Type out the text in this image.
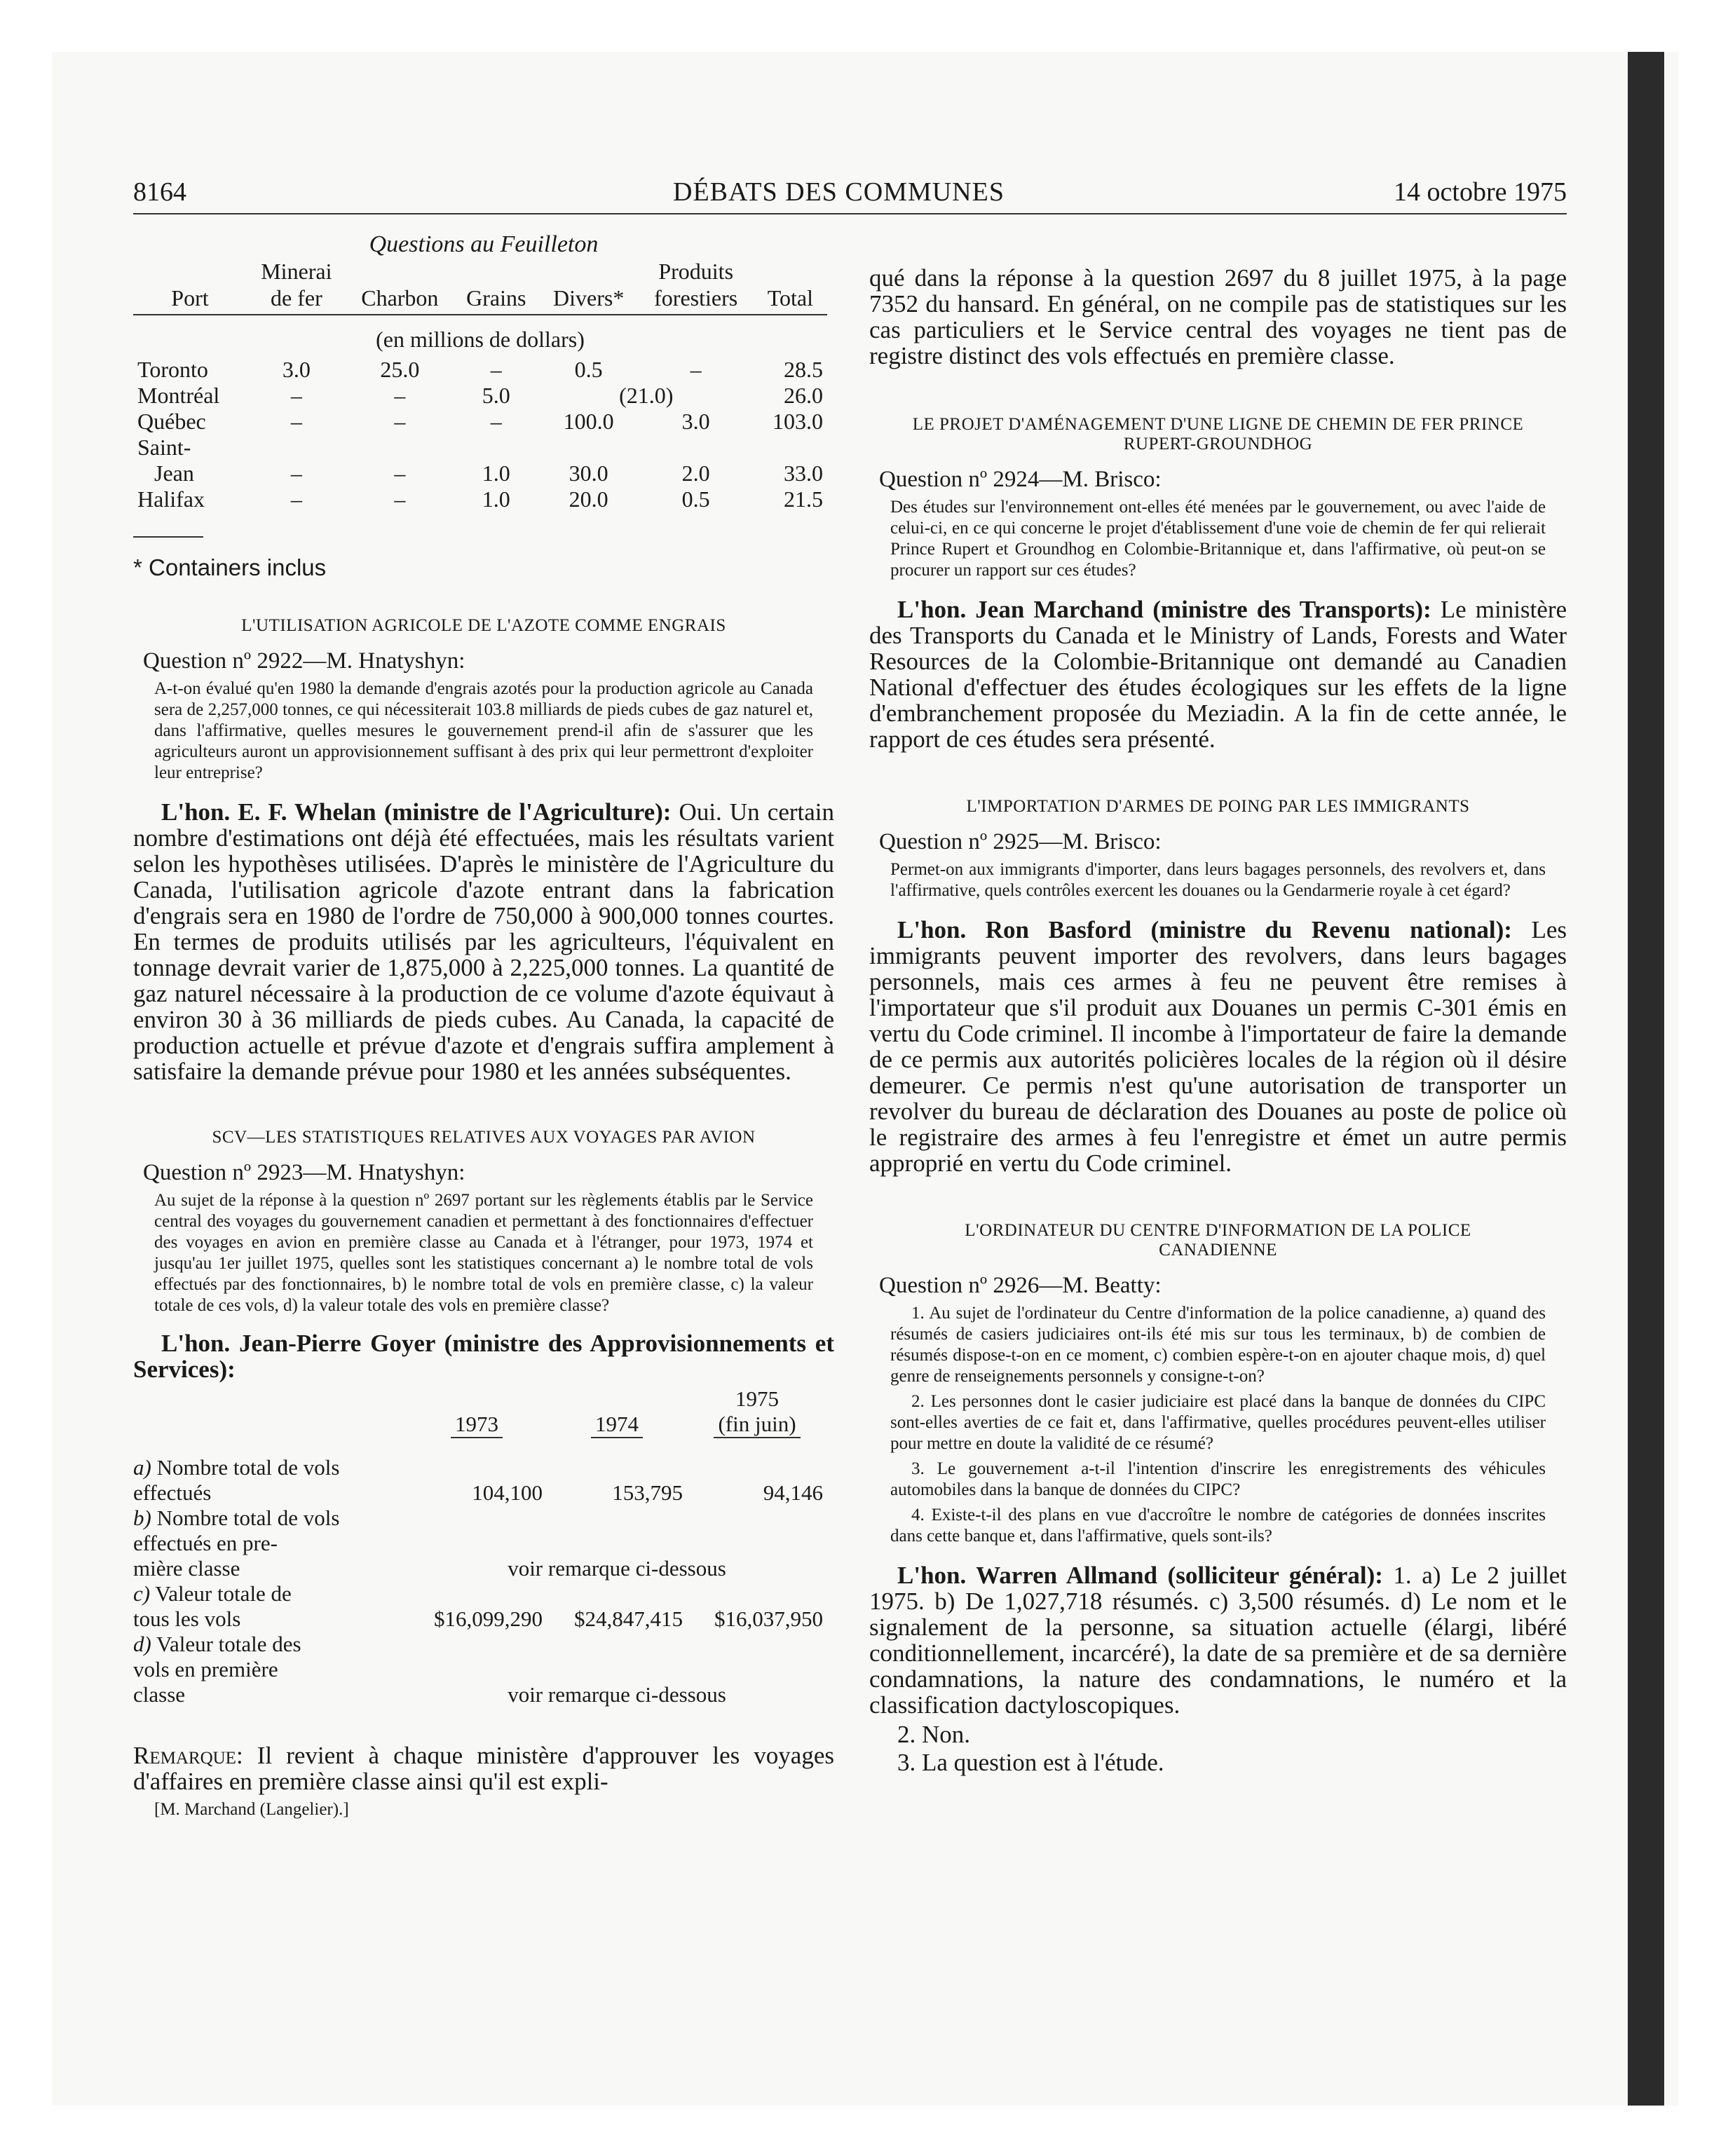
8164	DÉBATS DES COMMUNES	14 octobre 1975
Questions au Feuilleton
	Minerai				Produits	
Port	de fer	Charbon	Grains	Divers*	forestiers	Total

(en millions de dollars)						

Toronto	3.0	25.0	–	0.5	–	28.5
Montréal	–	–	5.0	(21.0)		26.0
Québec	–	–	–	100.0	3.0	103.0
Saint-						
Jean	–	–	1.0	30.0	2.0	33.0
Halifax	–	–	1.0	20.0	0.5	21.5

* Containers inclus

L'UTILISATION AGRICOLE DE L'AZOTE COMME ENGRAIS
Question nº 2922—M. Hnatyshyn:

A-t-on évalué qu'en 1980 la demande d'engrais azotés pour la production agricole au Canada sera de 2,257,000 tonnes, ce qui nécessiterait 103.8 milliards de pieds cubes de gaz naturel et, dans l'affirmative, quelles mesures le gouvernement prend-il afin de s'assurer que les agriculteurs auront un approvisionnement suffisant à des prix qui leur permettront d'exploiter leur entreprise?

L'hon. E. F. Whelan (ministre de l'Agriculture): Oui. Un certain nombre d'estimations ont déjà été effectuées, mais les résultats varient selon les hypothèses utilisées. D'après le ministère de l'Agriculture du Canada, l'utilisation agricole d'azote entrant dans la fabrication d'engrais sera en 1980 de l'ordre de 750,000 à 900,000 tonnes courtes. En termes de produits utilisés par les agriculteurs, l'équivalent en tonnage devrait varier de 1,875,000 à 2,225,000 tonnes. La quantité de gaz naturel nécessaire à la production de ce volume d'azote équivaut à environ 30 à 36 milliards de pieds cubes. Au Canada, la capacité de production actuelle et prévue d'azote et d'engrais suffira amplement à satisfaire la demande prévue pour 1980 et les années subséquentes.

SCV—LES STATISTIQUES RELATIVES AUX VOYAGES PAR AVION
Question nº 2923—M. Hnatyshyn:

Au sujet de la réponse à la question nº 2697 portant sur les règlements établis par le Service central des voyages du gouvernement canadien et permettant à des fonctionnaires d'effectuer des voyages en avion en première classe au Canada et à l'étranger, pour 1973, 1974 et jusqu'au 1er juillet 1975, quelles sont les statistiques concernant a) le nombre total de vols effectués par des fonctionnaires, b) le nombre total de vols en première classe, c) la valeur totale de ces vols, d) la valeur totale des vols en première classe?

L'hon. Jean-Pierre Goyer (ministre des Approvisionnements et Services):

			1975
	1973	1974	(fin juin)

a) Nombre total de vols			
effectués	104,100	153,795	94,146
b) Nombre total de vols			
effectués en pre-			
mière classe	voir remarque ci-dessous		
c) Valeur totale de			
tous les vols	$16,099,290	$24,847,415	$16,037,950
d) Valeur totale des			
vols en première			
classe	voir remarque ci-dessous		

Remarque: Il revient à chaque ministère d'approuver les voyages d'affaires en première classe ainsi qu'il est expli-

[M. Marchand (Langelier).]

qué dans la réponse à la question 2697 du 8 juillet 1975, à la page 7352 du hansard. En général, on ne compile pas de statistiques sur les cas particuliers et le Service central des voyages ne tient pas de registre distinct des vols effectués en première classe.

LE PROJET D'AMÉNAGEMENT D'UNE LIGNE DE CHEMIN DE FER PRINCE RUPERT-GROUNDHOG
Question nº 2924—M. Brisco:

Des études sur l'environnement ont-elles été menées par le gouvernement, ou avec l'aide de celui-ci, en ce qui concerne le projet d'établissement d'une voie de chemin de fer qui relierait Prince Rupert et Groundhog en Colombie-Britannique et, dans l'affirmative, où peut-on se procurer un rapport sur ces études?

L'hon. Jean Marchand (ministre des Transports): Le ministère des Transports du Canada et le Ministry of Lands, Forests and Water Resources de la Colombie-Britannique ont demandé au Canadien National d'effectuer des études écologiques sur les effets de la ligne d'embranchement proposée du Meziadin. A la fin de cette année, le rapport de ces études sera présenté.

L'IMPORTATION D'ARMES DE POING PAR LES IMMIGRANTS
Question nº 2925—M. Brisco:

Permet-on aux immigrants d'importer, dans leurs bagages personnels, des revolvers et, dans l'affirmative, quels contrôles exercent les douanes ou la Gendarmerie royale à cet égard?

L'hon. Ron Basford (ministre du Revenu national): Les immigrants peuvent importer des revolvers, dans leurs bagages personnels, mais ces armes à feu ne peuvent être remises à l'importateur que s'il produit aux Douanes un permis C-301 émis en vertu du Code criminel. Il incombe à l'importateur de faire la demande de ce permis aux autorités policières locales de la région où il désire demeurer. Ce permis n'est qu'une autorisation de transporter un revolver du bureau de déclaration des Douanes au poste de police où le registraire des armes à feu l'enregistre et émet un autre permis approprié en vertu du Code criminel.

L'ORDINATEUR DU CENTRE D'INFORMATION DE LA POLICE CANADIENNE
Question nº 2926—M. Beatty:

1. Au sujet de l'ordinateur du Centre d'information de la police canadienne, a) quand des résumés de casiers judiciaires ont-ils été mis sur tous les terminaux, b) de combien de résumés dispose-t-on en ce moment, c) combien espère-t-on en ajouter chaque mois, d) quel genre de renseignements personnels y consigne-t-on?

2. Les personnes dont le casier judiciaire est placé dans la banque de données du CIPC sont-elles averties de ce fait et, dans l'affirmative, quelles procédures peuvent-elles utiliser pour mettre en doute la validité de ce résumé?

3. Le gouvernement a-t-il l'intention d'inscrire les enregistrements des véhicules automobiles dans la banque de données du CIPC?

4. Existe-t-il des plans en vue d'accroître le nombre de catégories de données inscrites dans cette banque et, dans l'affirmative, quels sont-ils?

L'hon. Warren Allmand (solliciteur général): 1. a) Le 2 juillet 1975. b) De 1,027,718 résumés. c) 3,500 résumés. d) Le nom et le signalement de la personne, sa situation actuelle (élargi, libéré conditionnellement, incarcéré), la date de sa première et de sa dernière condamnations, la nature des condamnations, le numéro et la classification dactyloscopiques.

2. Non.
3. La question est à l'étude.
